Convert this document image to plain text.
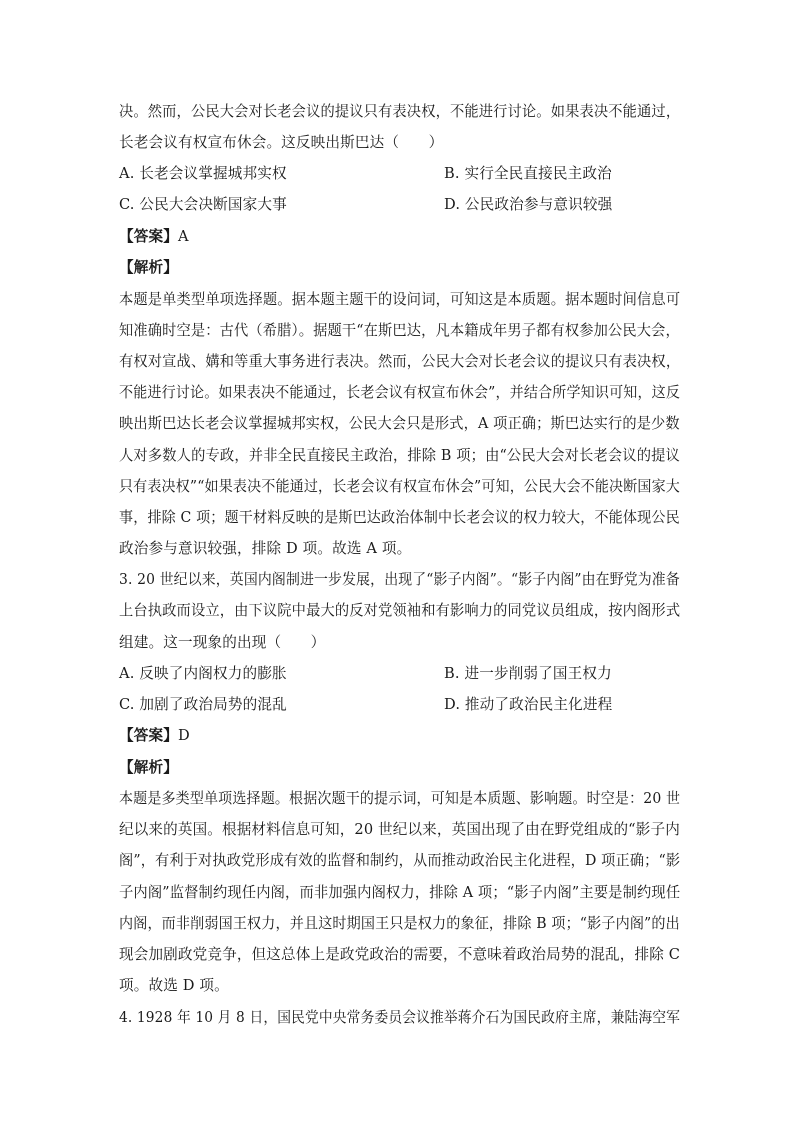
决。然而，公民大会对长老会议的提议只有表决权，不能进行讨论。如果表决不能通过，
长老会议有权宣布休会。这反映出斯巴达（　　）
A. 长老会议掌握城邦实权	B. 实行全民直接民主政治
C. 公民大会决断国家大事	D. 公民政治参与意识较强
【答案】A
【解析】
本题是单类型单项选择题。据本题主题干的设问词，可知这是本质题。据本题时间信息可
知准确时空是：古代（希腊）。据题干“在斯巴达，凡本籍成年男子都有权参加公民大会，
有权对宣战、媾和等重大事务进行表决。然而，公民大会对长老会议的提议只有表决权，
不能进行讨论。如果表决不能通过，长老会议有权宣布休会”，并结合所学知识可知，这反
映出斯巴达长老会议掌握城邦实权，公民大会只是形式，A 项正确；斯巴达实行的是少数
人对多数人的专政，并非全民直接民主政治，排除 B 项；由“公民大会对长老会议的提议
只有表决权”“如果表决不能通过，长老会议有权宣布休会”可知，公民大会不能决断国家大
事，排除 C 项；题干材料反映的是斯巴达政治体制中长老会议的权力较大，不能体现公民
政治参与意识较强，排除 D 项。故选 A 项。
3. 20 世纪以来，英国内阁制进一步发展，出现了“影子内阁”。“影子内阁”由在野党为准备
上台执政而设立，由下议院中最大的反对党领袖和有影响力的同党议员组成，按内阁形式
组建。这一现象的出现（　　）
A. 反映了内阁权力的膨胀	B. 进一步削弱了国王权力
C. 加剧了政治局势的混乱	D. 推动了政治民主化进程
【答案】D
【解析】
本题是多类型单项选择题。根据次题干的提示词，可知是本质题、影响题。时空是：20 世
纪以来的英国。根据材料信息可知，20 世纪以来，英国出现了由在野党组成的“影子内
阁”，有利于对执政党形成有效的监督和制约，从而推动政治民主化进程，D 项正确；“影
子内阁”监督制约现任内阁，而非加强内阁权力，排除 A 项；“影子内阁”主要是制约现任
内阁，而非削弱国王权力，并且这时期国王只是权力的象征，排除 B 项；“影子内阁”的出
现会加剧政党竞争，但这总体上是政党政治的需要，不意味着政治局势的混乱，排除 C
项。故选 D 项。
4. 1928 年 10 月 8 日，国民党中央常务委员会议推举蒋介石为国民政府主席，兼陆海空军
